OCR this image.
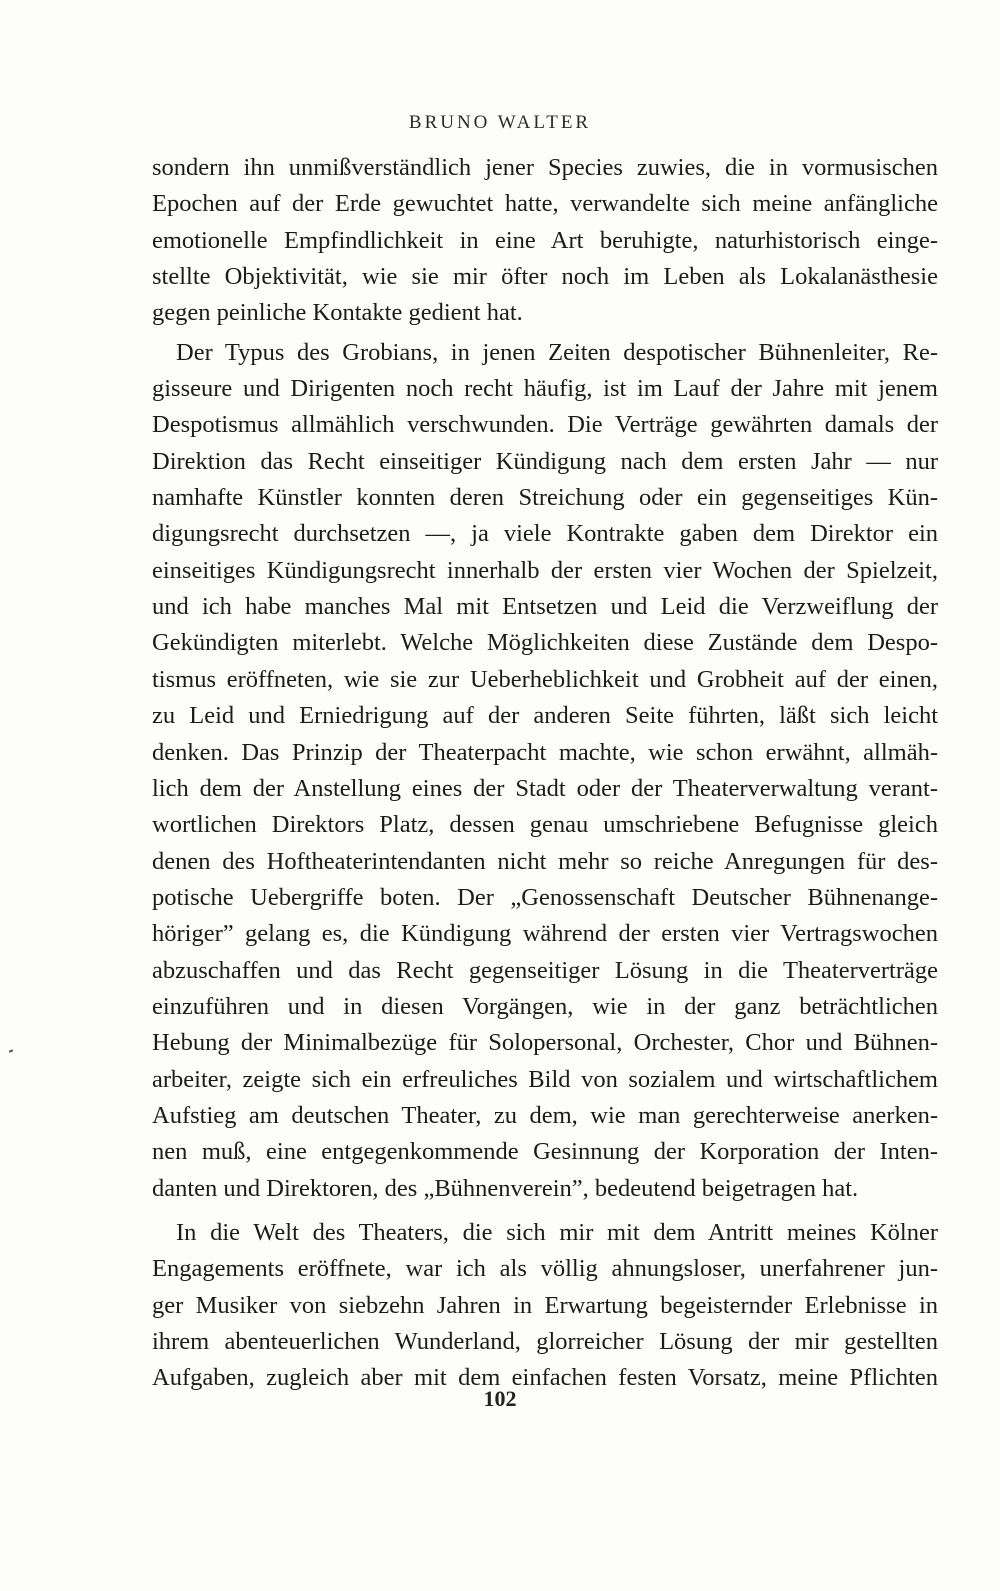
BRUNO WALTER
sondern ihn unmißverständlich jener Species zuwies, die in vormusischen
Epochen auf der Erde gewuchtet hatte, verwandelte sich meine anfängliche
emotionelle Empfindlichkeit in eine Art beruhigte, naturhistorisch einge-
stellte Objektivität, wie sie mir öfter noch im Leben als Lokalanästhesie
gegen peinliche Kontakte gedient hat.
Der Typus des Grobians, in jenen Zeiten despotischer Bühnenleiter, Re-
gisseure und Dirigenten noch recht häufig, ist im Lauf der Jahre mit jenem
Despotismus allmählich verschwunden. Die Verträge gewährten damals der
Direktion das Recht einseitiger Kündigung nach dem ersten Jahr — nur
namhafte Künstler konnten deren Streichung oder ein gegenseitiges Kün-
digungsrecht durchsetzen —, ja viele Kontrakte gaben dem Direktor ein
einseitiges Kündigungsrecht innerhalb der ersten vier Wochen der Spielzeit,
und ich habe manches Mal mit Entsetzen und Leid die Verzweiflung der
Gekündigten miterlebt. Welche Möglichkeiten diese Zustände dem Despo-
tismus eröffneten, wie sie zur Ueberheblichkeit und Grobheit auf der einen,
zu Leid und Erniedrigung auf der anderen Seite führten, läßt sich leicht
denken. Das Prinzip der Theaterpacht machte, wie schon erwähnt, allmäh-
lich dem der Anstellung eines der Stadt oder der Theaterverwaltung verant-
wortlichen Direktors Platz, dessen genau umschriebene Befugnisse gleich
denen des Hoftheaterintendanten nicht mehr so reiche Anregungen für des-
potische Uebergriffe boten. Der „Genossenschaft Deutscher Bühnenange-
höriger” gelang es, die Kündigung während der ersten vier Vertragswochen
abzuschaffen und das Recht gegenseitiger Lösung in die Theaterverträge
einzuführen und in diesen Vorgängen, wie in der ganz beträchtlichen
Hebung der Minimalbezüge für Solopersonal, Orchester, Chor und Bühnen-
arbeiter, zeigte sich ein erfreuliches Bild von sozialem und wirtschaftlichem
Aufstieg am deutschen Theater, zu dem, wie man gerechterweise anerken-
nen muß, eine entgegenkommende Gesinnung der Korporation der Inten-
danten und Direktoren, des „Bühnenverein”, bedeutend beigetragen hat.
In die Welt des Theaters, die sich mir mit dem Antritt meines Kölner
Engagements eröffnete, war ich als völlig ahnungsloser, unerfahrener jun-
ger Musiker von siebzehn Jahren in Erwartung begeisternder Erlebnisse in
ihrem abenteuerlichen Wunderland, glorreicher Lösung der mir gestellten
Aufgaben, zugleich aber mit dem einfachen festen Vorsatz, meine Pflichten
102
